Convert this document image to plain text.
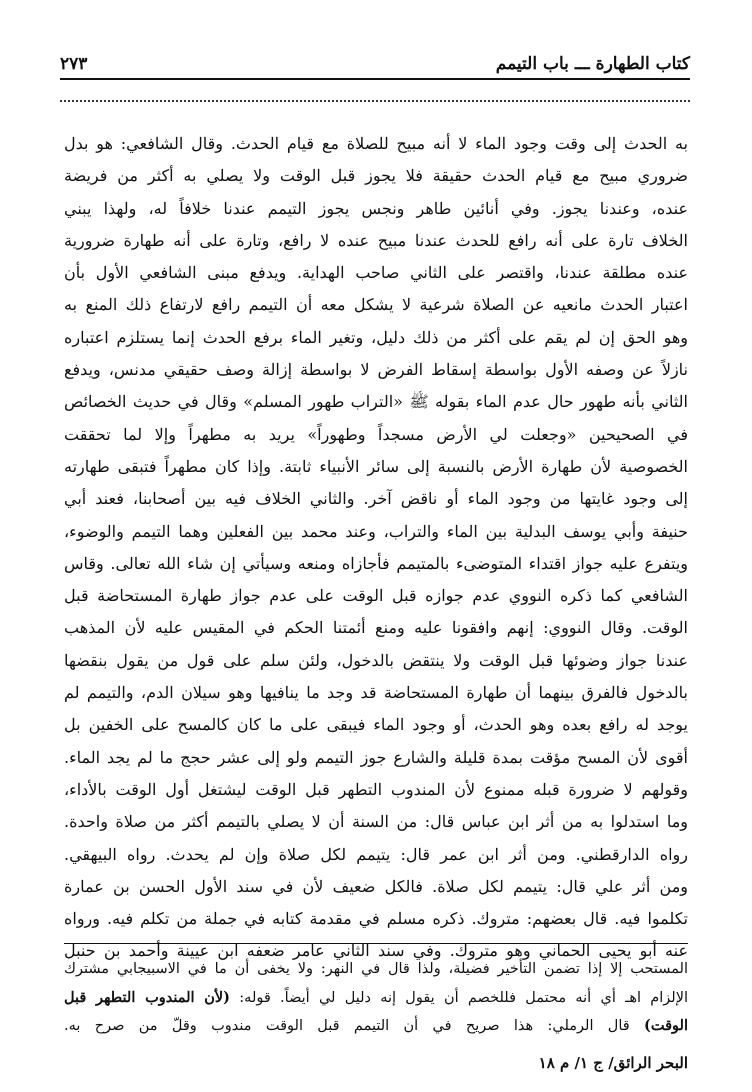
كتاب الطهارة ـــ باب التيمم
٢٧٣
به الحدث إلى وقت وجود الماء لا أنه مبيح للصلاة مع قيام الحدث. وقال الشافعي: هو بدل
ضروري مبيح مع قيام الحدث حقيقة فلا يجوز قبل الوقت ولا يصلي به أكثر من فريضة
عنده، وعندنا يجوز. وفي أنائين طاهر ونجس يجوز التيمم عندنا خلافاً له، ولهذا يبني
الخلاف تارة على أنه رافع للحدث عندنا مبيح عنده لا رافع، وتارة على أنه طهارة ضرورية
عنده مطلقة عندنا، واقتصر على الثاني صاحب الهداية. ويدفع مبنى الشافعي الأول بأن
اعتبار الحدث مانعيه عن الصلاة شرعية لا يشكل معه أن التيمم رافع لارتفاع ذلك المنع به
وهو الحق إن لم يقم على أكثر من ذلك دليل، وتغير الماء برفع الحدث إنما يستلزم اعتباره
نازلاً عن وصفه الأول بواسطة إسقاط الفرض لا بواسطة إزالة وصف حقيقي مدنس، ويدفع
الثاني بأنه طهور حال عدم الماء بقوله ﷺ «التراب طهور المسلم» وقال في حديث الخصائص
في الصحيحين «وجعلت لي الأرض مسجداً وطهوراً» يريد به مطهراً وإلا لما تحققت
الخصوصية لأن طهارة الأرض بالنسبة إلى سائر الأنبياء ثابتة. وإذا كان مطهراً فتبقى طهارته
إلى وجود غايتها من وجود الماء أو ناقض آخر. والثاني الخلاف فيه بين أصحابنا، فعند أبي
حنيفة وأبي يوسف البدلية بين الماء والتراب، وعند محمد بين الفعلين وهما التيمم والوضوء،
ويتفرع عليه جواز اقتداء المتوضىء بالمتيمم فأجازاه ومنعه وسيأتي إن شاء الله تعالى. وقاس
الشافعي كما ذكره النووي عدم جوازه قبل الوقت على عدم جواز طهارة المستحاضة قبل
الوقت. وقال النووي: إنهم وافقونا عليه ومنع أئمتنا الحكم في المقيس عليه لأن المذهب
عندنا جواز وضوئها قبل الوقت ولا ينتقض بالدخول، ولئن سلم على قول من يقول بنقضها
بالدخول فالفرق بينهما أن طهارة المستحاضة قد وجد ما ينافيها وهو سيلان الدم، والتيمم لم
يوجد له رافع بعده وهو الحدث، أو وجود الماء فيبقى على ما كان كالمسح على الخفين بل
أقوى لأن المسح مؤقت بمدة قليلة والشارع جوز التيمم ولو إلى عشر حجج ما لم يجد الماء.
وقولهم لا ضرورة قبله ممنوع لأن المندوب التطهر قبل الوقت ليشتغل أول الوقت بالأداء،
وما استدلوا به من أثر ابن عباس قال: من السنة أن لا يصلي بالتيمم أكثر من صلاة واحدة.
رواه الدارقطني. ومن أثر ابن عمر قال: يتيمم لكل صلاة وإن لم يحدث. رواه البيهقي.
ومن أثر علي قال: يتيمم لكل صلاة. فالكل ضعيف لأن في سند الأول الحسن بن عمارة
تكلموا فيه. قال بعضهم: متروك. ذكره مسلم في مقدمة كتابه في جملة من تكلم فيه. ورواه
عنه أبو يحيى الحماني وهو متروك. وفي سند الثاني عامر ضعفه ابن عيينة وأحمد بن حنبل
المستحب إلا إذا تضمن التأخير فضيلة، ولذا قال في النهر: ولا يخفى أن ما في الاسبيجابي مشترك
الإلزام اهـ أي أنه محتمل فللخصم أن يقول إنه دليل لي أيضاً. قوله: (لأن المندوب التطهر قبل
الوقت) قال الرملي: هذا صريح في أن التيمم قبل الوقت مندوب وقلّ من صرح به.
البحر الرائق/ ج ١/ م ١٨
